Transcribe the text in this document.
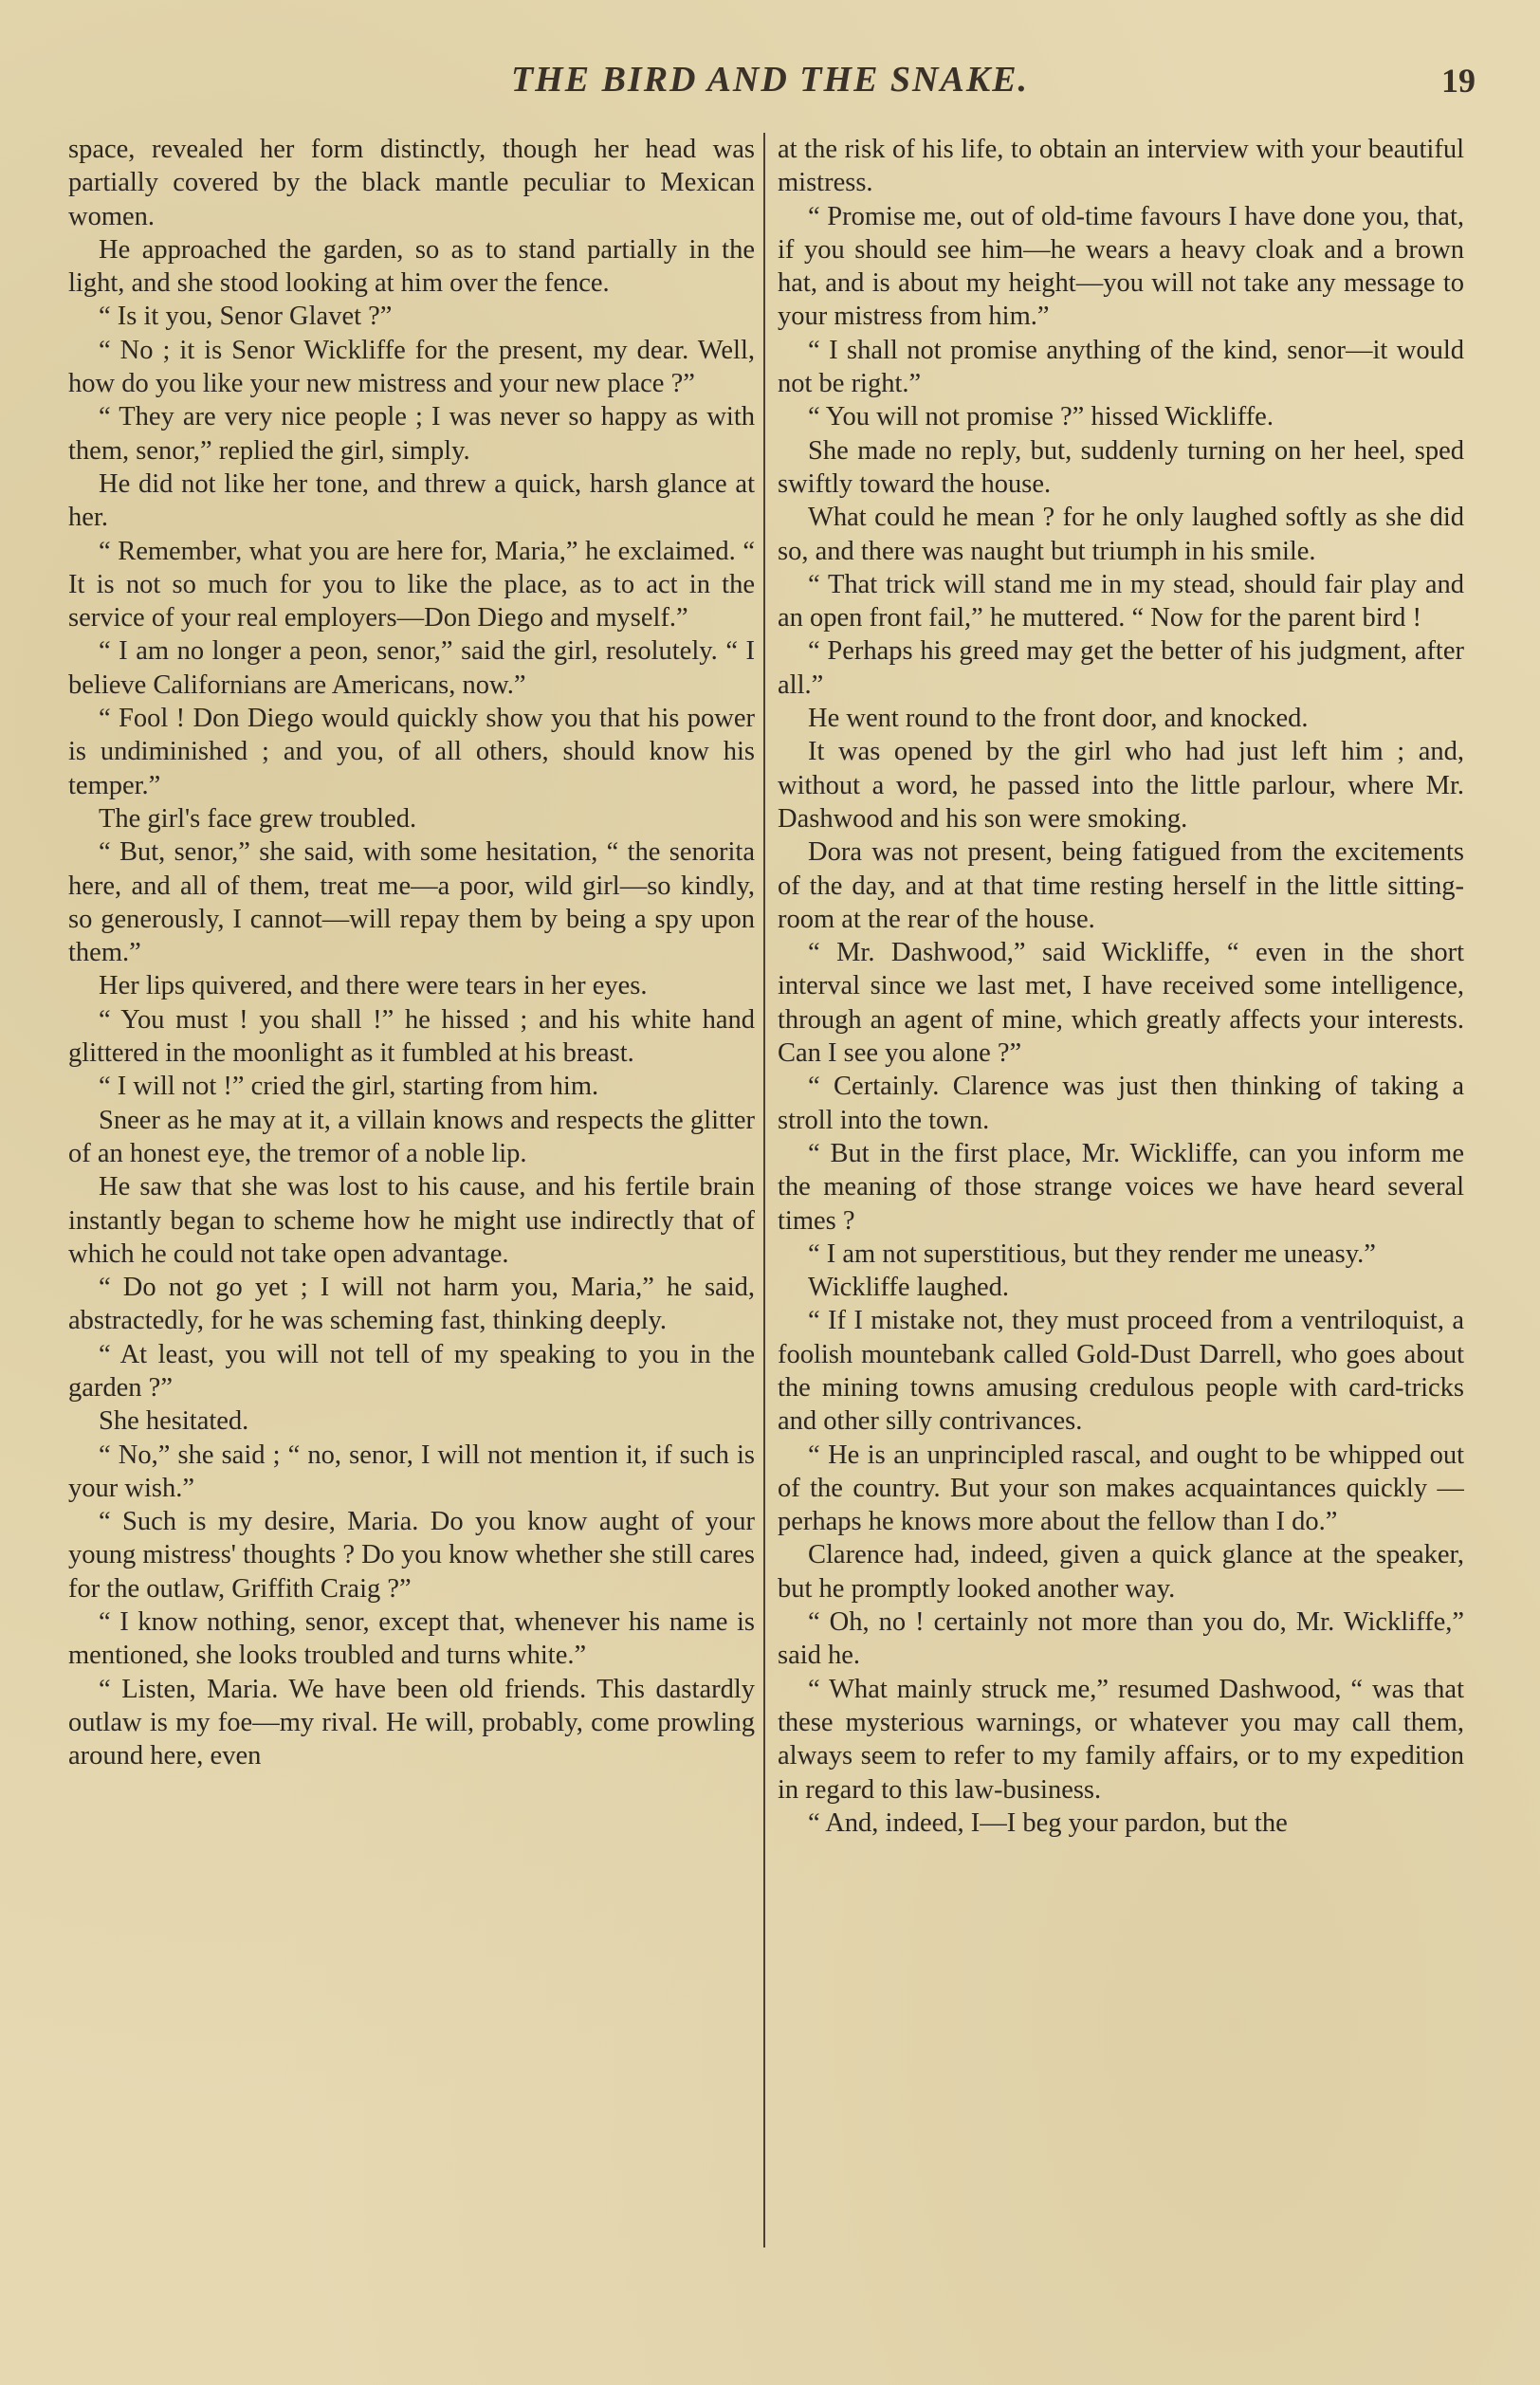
THE BIRD AND THE SNAKE.	19

space, revealed her form distinctly, though her head was partially covered by the black mantle peculiar to Mexican women.

He approached the garden, so as to stand partially in the light, and she stood looking at him over the fence.

“ Is it you, Senor Glavet ?”

“ No ; it is Senor Wickliffe for the present, my dear. Well, how do you like your new mistress and your new place ?”

“ They are very nice people ; I was never so happy as with them, senor,” replied the girl, simply.

He did not like her tone, and threw a quick, harsh glance at her.

“ Remember, what you are here for, Maria,” he exclaimed. “ It is not so much for you to like the place, as to act in the service of your real employers—Don Diego and myself.”

“ I am no longer a peon, senor,” said the girl, resolutely. “ I believe Californians are Americans, now.”

“ Fool ! Don Diego would quickly show you that his power is undiminished ; and you, of all others, should know his temper.”

The girl's face grew troubled.

“ But, senor,” she said, with some hesitation, “ the senorita here, and all of them, treat me—a poor, wild girl—so kindly, so generously, I cannot—will repay them by being a spy upon them.”

Her lips quivered, and there were tears in her eyes.

“ You must ! you shall !” he hissed ; and his white hand glittered in the moonlight as it fumbled at his breast.

“ I will not !” cried the girl, starting from him.

Sneer as he may at it, a villain knows and respects the glitter of an honest eye, the tremor of a noble lip.

He saw that she was lost to his cause, and his fertile brain instantly began to scheme how he might use indirectly that of which he could not take open advantage.

“ Do not go yet ; I will not harm you, Maria,” he said, abstractedly, for he was scheming fast, thinking deeply.

“ At least, you will not tell of my speaking to you in the garden ?”

She hesitated.

“ No,” she said ; “ no, senor, I will not mention it, if such is your wish.”

“ Such is my desire, Maria. Do you know aught of your young mistress' thoughts ? Do you know whether she still cares for the outlaw, Griffith Craig ?”

“ I know nothing, senor, except that, whenever his name is mentioned, she looks troubled and turns white.”

“ Listen, Maria. We have been old friends. This dastardly outlaw is my foe—my rival. He will, probably, come prowling around here, even

at the risk of his life, to obtain an interview with your beautiful mistress.

“ Promise me, out of old-time favours I have done you, that, if you should see him—he wears a heavy cloak and a brown hat, and is about my height—you will not take any message to your mistress from him.”

“ I shall not promise anything of the kind, senor—it would not be right.”

“ You will not promise ?” hissed Wickliffe.

She made no reply, but, suddenly turning on her heel, sped swiftly toward the house.

What could he mean ? for he only laughed softly as she did so, and there was naught but triumph in his smile.

“ That trick will stand me in my stead, should fair play and an open front fail,” he muttered. “ Now for the parent bird !

“ Perhaps his greed may get the better of his judgment, after all.”

He went round to the front door, and knocked.

It was opened by the girl who had just left him ; and, without a word, he passed into the little parlour, where Mr. Dashwood and his son were smoking.

Dora was not present, being fatigued from the excitements of the day, and at that time resting herself in the little sitting-room at the rear of the house.

“ Mr. Dashwood,” said Wickliffe, “ even in the short interval since we last met, I have received some intelligence, through an agent of mine, which greatly affects your interests. Can I see you alone ?”

“ Certainly. Clarence was just then thinking of taking a stroll into the town.

“ But in the first place, Mr. Wickliffe, can you inform me the meaning of those strange voices we have heard several times ?

“ I am not superstitious, but they render me uneasy.”

Wickliffe laughed.

“ If I mistake not, they must proceed from a ventriloquist, a foolish mountebank called Gold-Dust Darrell, who goes about the mining towns amusing credulous people with card-tricks and other silly contrivances.

“ He is an unprincipled rascal, and ought to be whipped out of the country. But your son makes acquaintances quickly — perhaps he knows more about the fellow than I do.”

Clarence had, indeed, given a quick glance at the speaker, but he promptly looked another way.

“ Oh, no ! certainly not more than you do, Mr. Wickliffe,” said he.

“ What mainly struck me,” resumed Dashwood, “ was that these mysterious warnings, or whatever you may call them, always seem to refer to my family affairs, or to my expedition in regard to this law-business.

“ And, indeed, I—I beg your pardon, but the
